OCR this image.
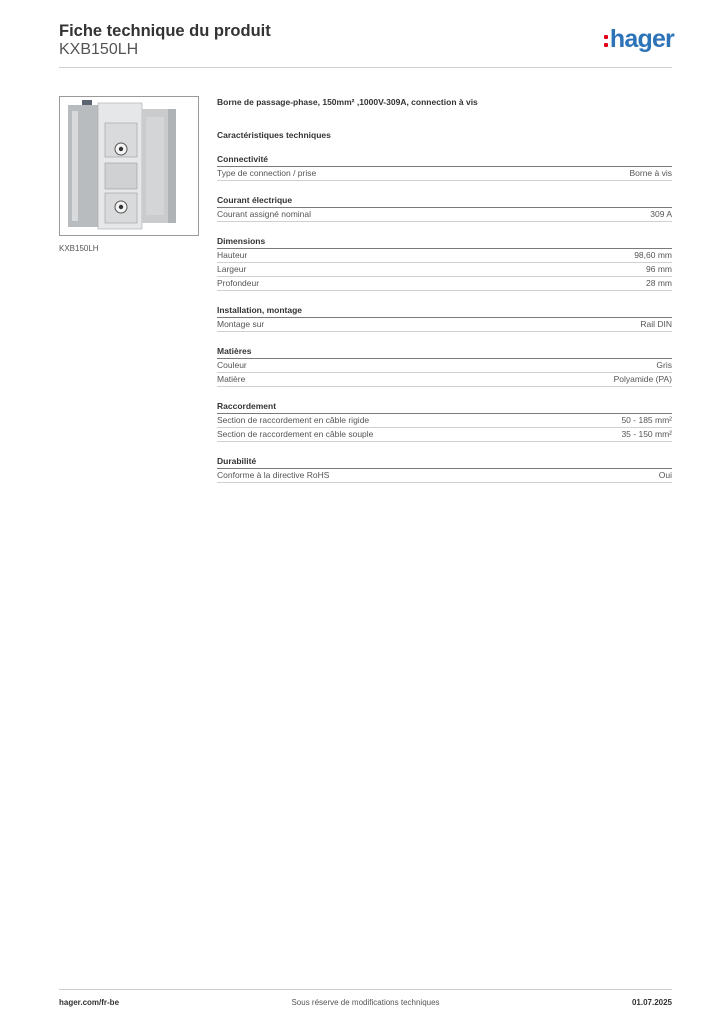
Fiche technique du produit
KXB150LH	hager
KXB150LH
Borne de passage-phase, 150mm² ,1000V-309A, connection à vis
Caractéristiques techniques
Connectivité
Type de connection / prise	Borne à vis
Courant électrique
Courant assigné nominal	309 A
Dimensions
Hauteur	98,60 mm
Largeur	96 mm
Profondeur	28 mm
Installation, montage
Montage sur	Rail DIN
Matières
Couleur	Gris
Matière	Polyamide (PA)
Raccordement
Section de raccordement en câble rigide	50 - 185 mm²
Section de raccordement en câble souple	35 - 150 mm²
Durabilité
Conforme à la directive RoHS	Oui
hager.com/fr-be	Sous réserve de modifications techniques	01.07.2025
